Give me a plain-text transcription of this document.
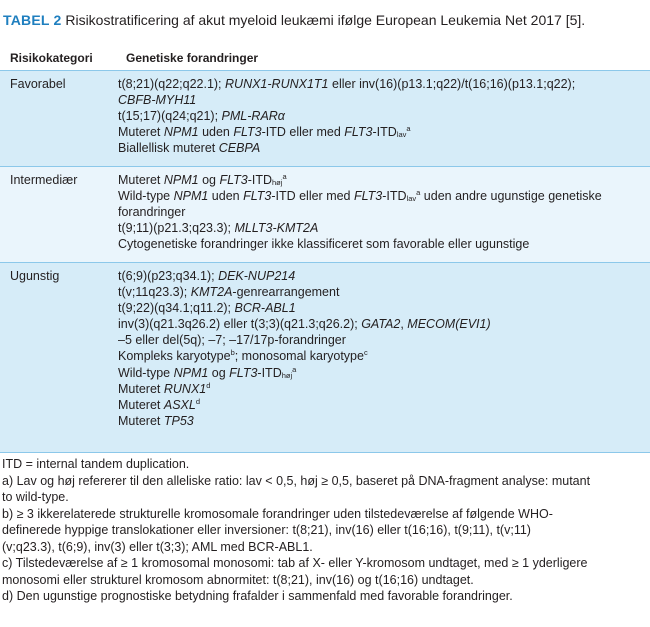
TABEL 2 Risikostratificering af akut myeloid leukæmi ifølge European Leukemia Net 2017 [5].
Risikokategori	Genetiske forandringer
Favorabel	t(8;21)(q22;q22.1); RUNX1-RUNX1T1 eller inv(16)(p13.1;q22)/t(16;16)(p13.1;q22);
CBFB-MYH11
t(15;17)(q24;q21); PML-RARα
Muteret NPM1 uden FLT3-ITD eller med FLT3-ITDlav$^a$
Biallellisk muteret CEBPA
Intermediær	Muteret NPM1 og FLT3-ITDhøj$^a$
Wild-type NPM1 uden FLT3-ITD eller med FLT3-ITDlav$^a$ uden andre ugunstige genetiske
forandringer
t(9;11)(p21.3;q23.3); MLLT3-KMT2A
Cytogenetiske forandringer ikke klassificeret som favorable eller ugunstige
Ugunstig	t(6;9)(p23;q34.1); DEK-NUP214
t(v;11q23.3); KMT2A-genrearrangement
t(9;22)(q34.1;q11.2); BCR-ABL1
inv(3)(q21.3q26.2) eller t(3;3)(q21.3;q26.2); GATA2, MECOM(EVI1)
–5 eller del(5q); –7; –17/17p-forandringer
Kompleks karyotype$^b$; monosomal karyotype$^c$
Wild-type NPM1 og FLT3-ITDhøj$^a$
Muteret RUNX1$^d$
Muteret ASXL$^d$
Muteret TP53
ITD = internal tandem duplication.
a) Lav og høj refererer til den alleliske ratio: lav < 0,5, høj ≥ 0,5, baseret på DNA-fragment analyse: mutant
to wild-type.
b) ≥ 3 ikkerelaterede strukturelle kromosomale forandringer uden tilstedeværelse af følgende WHO-
definerede hyppige translokationer eller inversioner: t(8;21), inv(16) eller t(16;16), t(9;11), t(v;11)
(v;q23.3), t(6;9), inv(3) eller t(3;3); AML med BCR-ABL1.
c) Tilstedeværelse af ≥ 1 kromosomal monosomi: tab af X- eller Y-kromosom undtaget, med ≥ 1 yderligere
monosomi eller strukturel kromosom abnormitet: t(8;21), inv(16) og t(16;16) undtaget.
d) Den ugunstige prognostiske betydning frafalder i sammenfald med favorable forandringer.
